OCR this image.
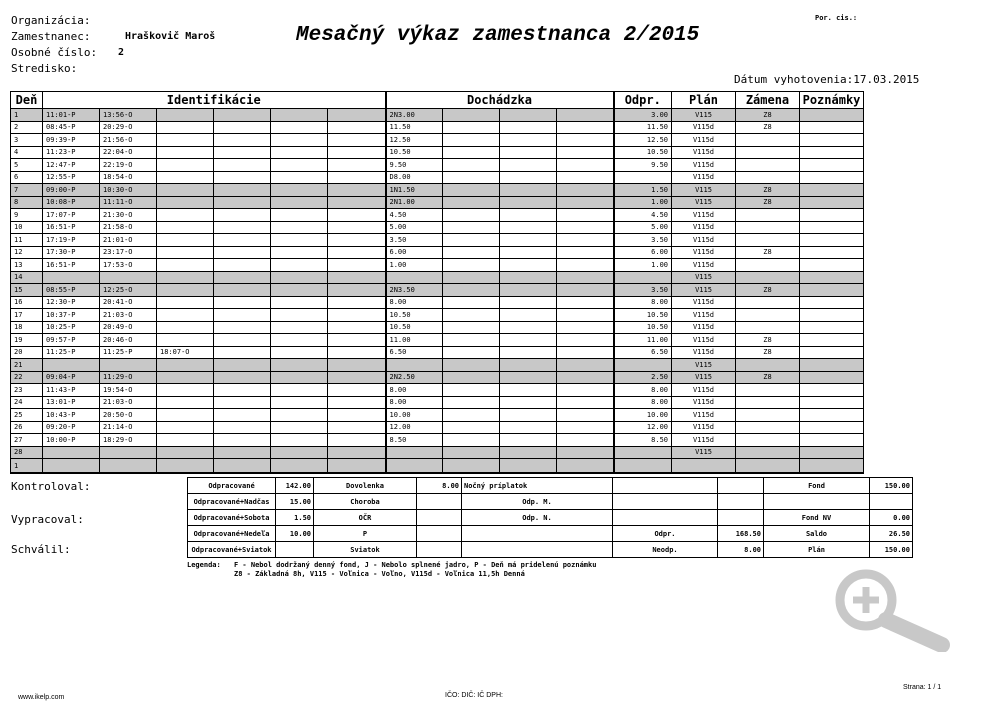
Organizácia:
Zamestnanec:	Hraškovič Maroš
Osobné číslo: 2
Stredisko:
Mesačný výkaz zamestnanca 2/2015
Por. cis.:
Dátum vyhotovenia:17.03.2015
Deň	Identifikácie						Dochádzka				Odpr.	Plán	Zámena	Poznámky
1	11:01-P	13:56-O					2N3.00				3.00	V115	Z8	
2	08:45-P	20:29-O					11.50				11.50	V115d	Z8	
3	09:39-P	21:56-O					12.50				12.50	V115d		
4	11:23-P	22:04-O					10.50				10.50	V115d		
5	12:47-P	22:19-O					9.50				9.50	V115d		
6	12:55-P	18:54-O					D8.00					V115d		
7	09:00-P	10:30-O					1N1.50				1.50	V115	Z8	
8	10:08-P	11:11-O					2N1.00				1.00	V115	Z8	
9	17:07-P	21:30-O					4.50				4.50	V115d		
10	16:51-P	21:58-O					5.00				5.00	V115d		
11	17:19-P	21:01-O					3.50				3.50	V115d		
12	17:30-P	23:17-O					6.00				6.00	V115d	Z8	
13	16:51-P	17:53-O					1.00				1.00	V115d		
14												V115		
15	08:55-P	12:25-O					2N3.50				3.50	V115	Z8	
16	12:30-P	20:41-O					8.00				8.00	V115d		
17	10:37-P	21:03-O					10.50				10.50	V115d		
18	10:25-P	20:49-O					10.50				10.50	V115d		
19	09:57-P	20:46-O					11.00				11.00	V115d	Z8	
20	11:25-P	11:25-P	18:07-O				6.50				6.50	V115d	Z8	
21												V115		
22	09:04-P	11:29-O					2N2.50				2.50	V115	Z8	
23	11:43-P	19:54-O					8.00				8.00	V115d		
24	13:01-P	21:03-O					8.00				8.00	V115d		
25	10:43-P	20:50-O					10.00				10.00	V115d		
26	09:20-P	21:14-O					12.00				12.00	V115d		
27	10:00-P	18:29-O					8.50				8.50	V115d		
28												V115		
1														
Kontroloval:
Vypracoval:
Schválil:
Odpracované	142.00	Dovolenka	8.00	Nočný príplatok			Fond	150.00
Odpracované+Nadčas	15.00	Choroba		Odp. M.				
Odpracované+Sobota	1.50	OČR		Odp. N.			Fond NV	0.00
Odpracované+Nedeľa	10.00	P			Odpr.	168.50	Saldo	26.50
Odpracované+Sviatok		Sviatok			Neodp.	8.00	Plán	150.00
Legenda: F - Nebol dodržaný denný fond, J - Nebolo splnené jadro, P - Deň má pridelenú poznámku
Z8 - Základná 8h, V115 - Voľnica - Voľno, V115d - Voľnica 11,5h Denná
www.ikelp.com	IČO: DIČ: IČ DPH:
Strana: 1 / 1
